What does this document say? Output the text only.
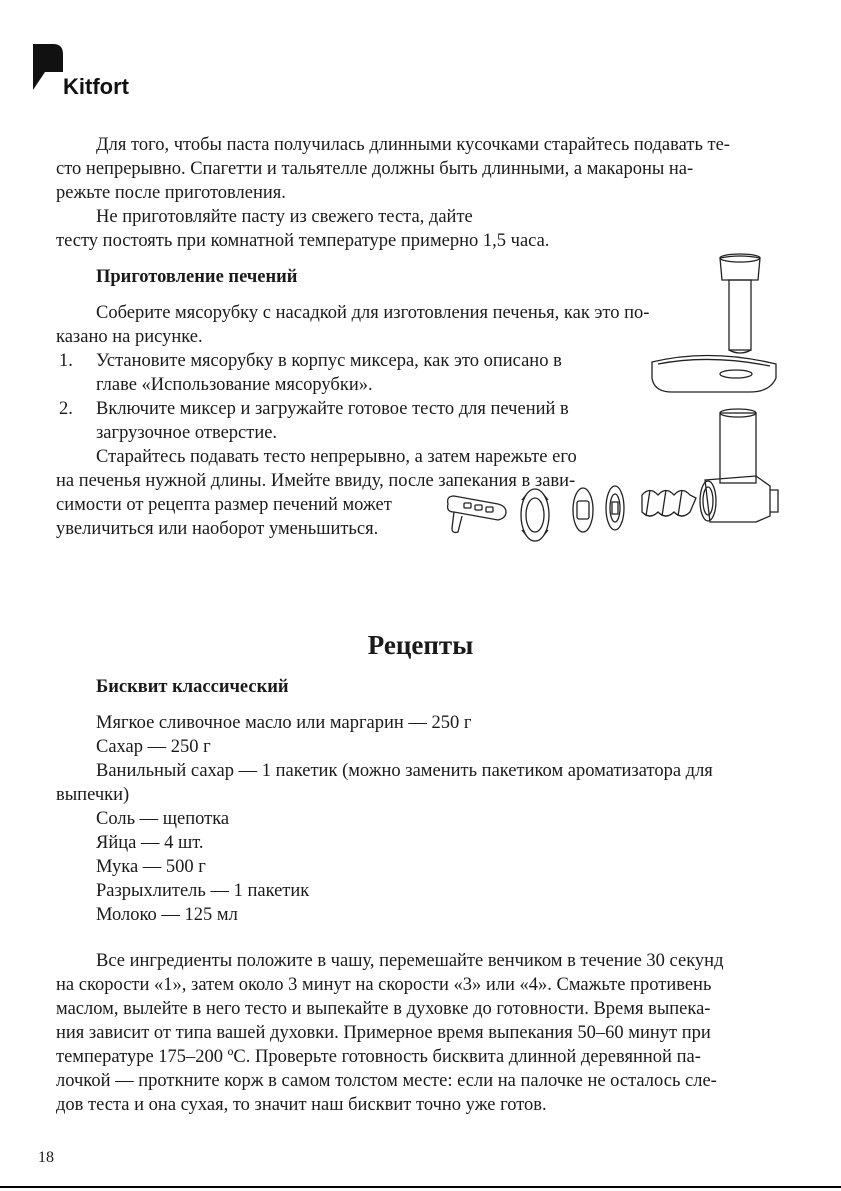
Kitfort

Для того, чтобы паста получилась длинными кусочками старайтесь подавать те-

сто непрерывно. Спагетти и тальятелле должны быть длинными, а макароны на-

режьте после приготовления.

Не приготовляйте пасту из свежего теста, дайте

тесту постоять при комнатной температуре примерно 1,5 часа.

Приготовление печений

Соберите мясорубку с насадкой для изготовления печенья, как это по-

казано на рисунке.

1. Установите мясорубку в корпус миксера, как это описано в

главе «Использование мясорубки».

2. Включите миксер и загружайте готовое тесто для печений в

загрузочное отверстие.

Старайтесь подавать тесто непрерывно, а затем нарежьте его

на печенья нужной длины. Имейте ввиду, после запекания в зави-

симости от рецепта размер печений может

увеличиться или наоборот уменьшиться.

Рецепты

Бисквит классический

Мягкое сливочное масло или маргарин — 250 г

Сахар — 250 г

Ванильный сахар — 1 пакетик (можно заменить пакетиком ароматизатора для

выпечки)

Соль — щепотка

Яйца — 4 шт.

Мука — 500 г

Разрыхлитель — 1 пакетик

Молоко — 125 мл

Все ингредиенты положите в чашу, перемешайте венчиком в течение 30 секунд

на скорости «1», затем около 3 минут на скорости «3» или «4». Смажьте противень

маслом, вылейте в него тесто и выпекайте в духовке до готовности. Время выпека-

ния зависит от типа вашей духовки. Примерное время выпекания 50–60 минут при

температуре 175–200 ºC. Проверьте готовность бисквита длинной деревянной па-

лочкой — проткните корж в самом толстом месте: если на палочке не осталось сле-

дов теста и она сухая, то значит наш бисквит точно уже готов.

18
